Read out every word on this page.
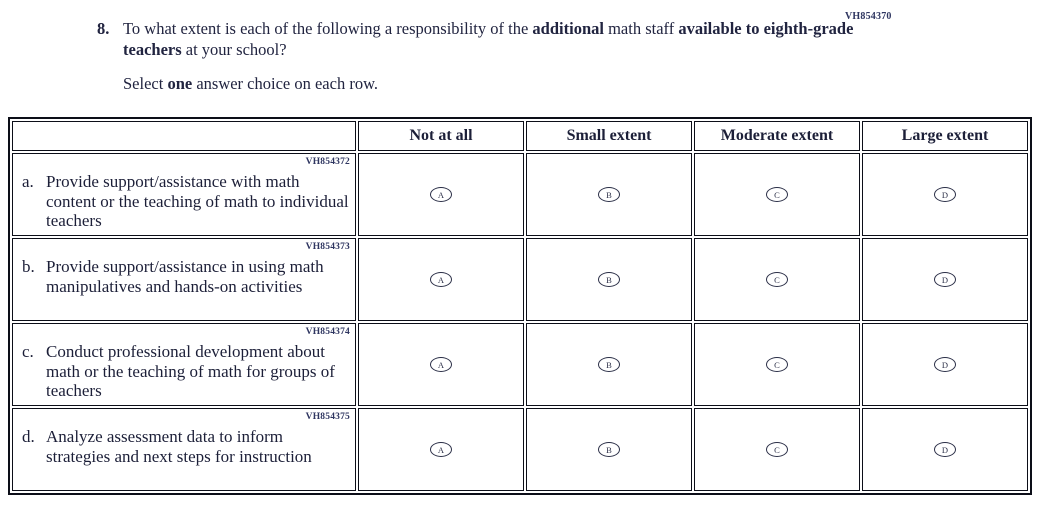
VH854370
8. To what extent is each of the following a responsibility of the additional math staff available to eighth-grade teachers at your school?

Select one answer choice on each row.

	Not at all	Small extent	Moderate extent	Large extent

VH854372
a. Provide support/assistance with math content or the teaching of math to individual teachers	A	B	C	D

VH854373
b. Provide support/assistance in using math manipulatives and hands-on activities	A	B	C	D

VH854374
c. Conduct professional development about math or the teaching of math for groups of teachers	A	B	C	D

VH854375
d. Analyze assessment data to inform strategies and next steps for instruction	A	B	C	D
